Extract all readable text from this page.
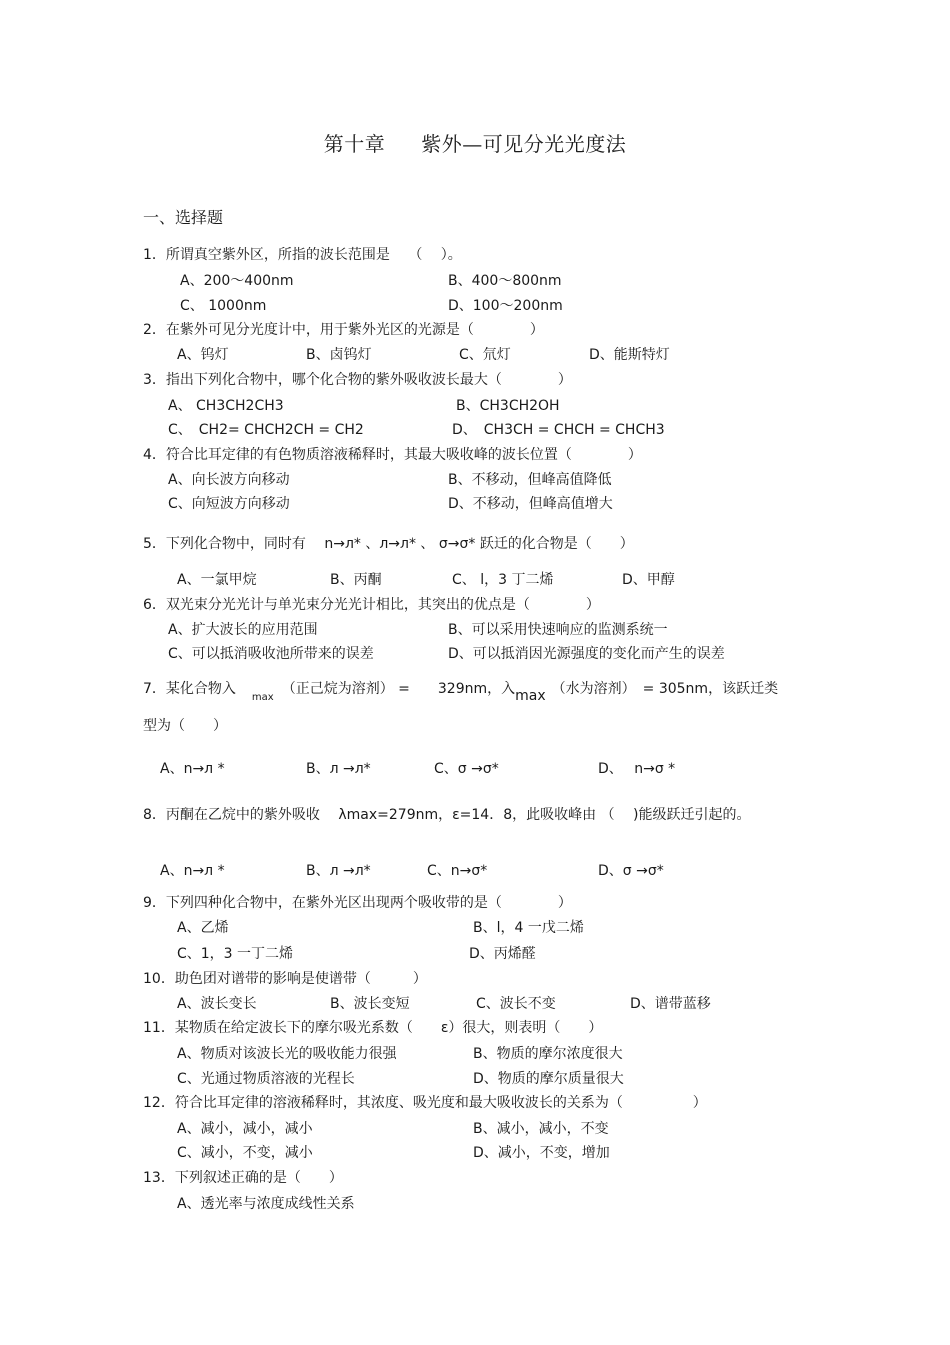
第十章 紫外—可见分光光度法
一、选择题
1．所谓真空紫外区，所指的波长范围是　 （　 ）。
A、200～400nm	B、400～800nm
C、 1000nm	D、100～200nm
2．在紫外可见分光度计中，用于紫外光区的光源是（　　　　）
A、钨灯	B、卤钨灯	C、氘灯	D、能斯特灯
3．指出下列化合物中，哪个化合物的紫外吸收波长最大（　　　　）
A、 CH3CH2CH3	B、CH3CH2OH
C、　CH2= CHCH2CH = CH2	D、　CH3CH = CHCH = CHCH3
4．符合比耳定律的有色物质溶液稀释时，其最大吸收峰的波长位置（　　　　）
A、向长波方向移动	B、不移动，但峰高值降低
C、向短波方向移动	D、不移动，但峰高值增大
5．下列化合物中，同时有　 n→л* 、л→л* 、 σ→σ* 跃迁的化合物是（　　）
A、一氯甲烷	B、丙酮	C、 l，3 丁二烯	D、甲醇
6．双光束分光光计与单光束分光光计相比，其突出的优点是（　　　　）
A、扩大波长的应用范围	B、可以采用快速响应的监测系统一
C、可以抵消吸收池所带来的误差	D、可以抵消因光源强度的变化而产生的误差
7．某化合物入$_{max}$（正己烷为溶剂） =　　329nm，入max （水为溶剂）　= 305nm，该跃迁类
型为（　　）
A、n→л *	B、л →л*	C、σ →σ*	D、　 n→σ *
8．丙酮在乙烷中的紫外吸收　 λmax=279nm，ε=14．8，此吸收峰由 （　 )能级跃迁引起的。
A、n→л *	B、л →л*	C、n→σ*	D、σ →σ*
9．下列四种化合物中，在紫外光区出现两个吸收带的是（　　　　）
A、乙烯	B、l，4 一戊二烯
C、1，3 一丁二烯	D、丙烯醛
10．助色团对谱带的影响是使谱带（　　　）
A、波长变长	B、波长变短	C、波长不变	D、谱带蓝移
11．某物质在给定波长下的摩尔吸光系数（　　ε）很大，则表明（　　）
A、物质对该波长光的吸收能力很强	B、物质的摩尔浓度很大
C、光通过物质溶液的光程长	D、物质的摩尔质量很大
12．符合比耳定律的溶液稀释时，其浓度、吸光度和最大吸收波长的关系为（　　　　　）
A、减小，减小，减小	B、减小，减小，不变
C、减小，不变，减小	D、减小，不变，增加
13．下列叙述正确的是（　　）
A、透光率与浓度成线性关系
